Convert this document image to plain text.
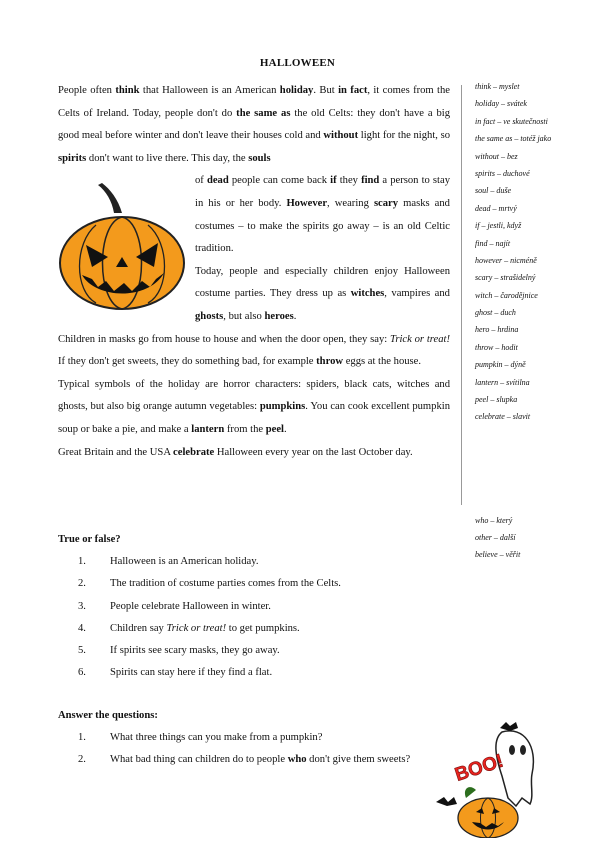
HALLOWEEN

People often think that Halloween is an American holiday. But in fact, it comes from the Celts of Ireland. Today, people don't do the same as the old Celts: they don't have a big good meal before winter and don't leave their houses cold and without light for the night, so spirits don't want to live there. This day, the souls

of dead people can come back if they find a person to stay in his or her body. However, wearing scary masks and costumes – to make the spirits go away – is an old Celtic tradition.

Today, people and especially children enjoy Halloween costume parties. They dress up as witches, vampires and ghosts, but also heroes.

Children in masks go from house to house and when the door open, they say: Trick or treat! If they don't get sweets, they do something bad, for example throw eggs at the house.

Typical symbols of the holiday are horror characters: spiders, black cats, witches and ghosts, but also big orange autumn vegetables: pumpkins. You can cook excellent pumpkin soup or bake a pie, and make a lantern from the peel.

Great Britain and the USA celebrate Halloween every year on the last October day.

think – myslet
holiday – svátek
in fact – ve skutečnosti
the same as – totéž jako
without – bez
spirits – duchové
soul – duše
dead – mrtvý
if – jestli, když
find – najít
however – nicméně
scary – strašidelný
witch – čarodějnice
ghost – duch
hero – hrdina
throw – hodit
pumpkin – dýně
lantern – svítilna
peel – slupka
celebrate – slavit
who – který
other – další
believe – věřit
True or false?
1. Halloween is an American holiday.
2. The tradition of costume parties comes from the Celts.
3. People celebrate Halloween in winter.
4. Children say Trick or treat! to get pumpkins.
5. If spirits see scary masks, they go away.
6. Spirits can stay here if they find a flat.
Answer the questions:
1. What three things can you make from a pumpkin?
2. What bad thing can children do to people who don't give them sweets? BOO!
